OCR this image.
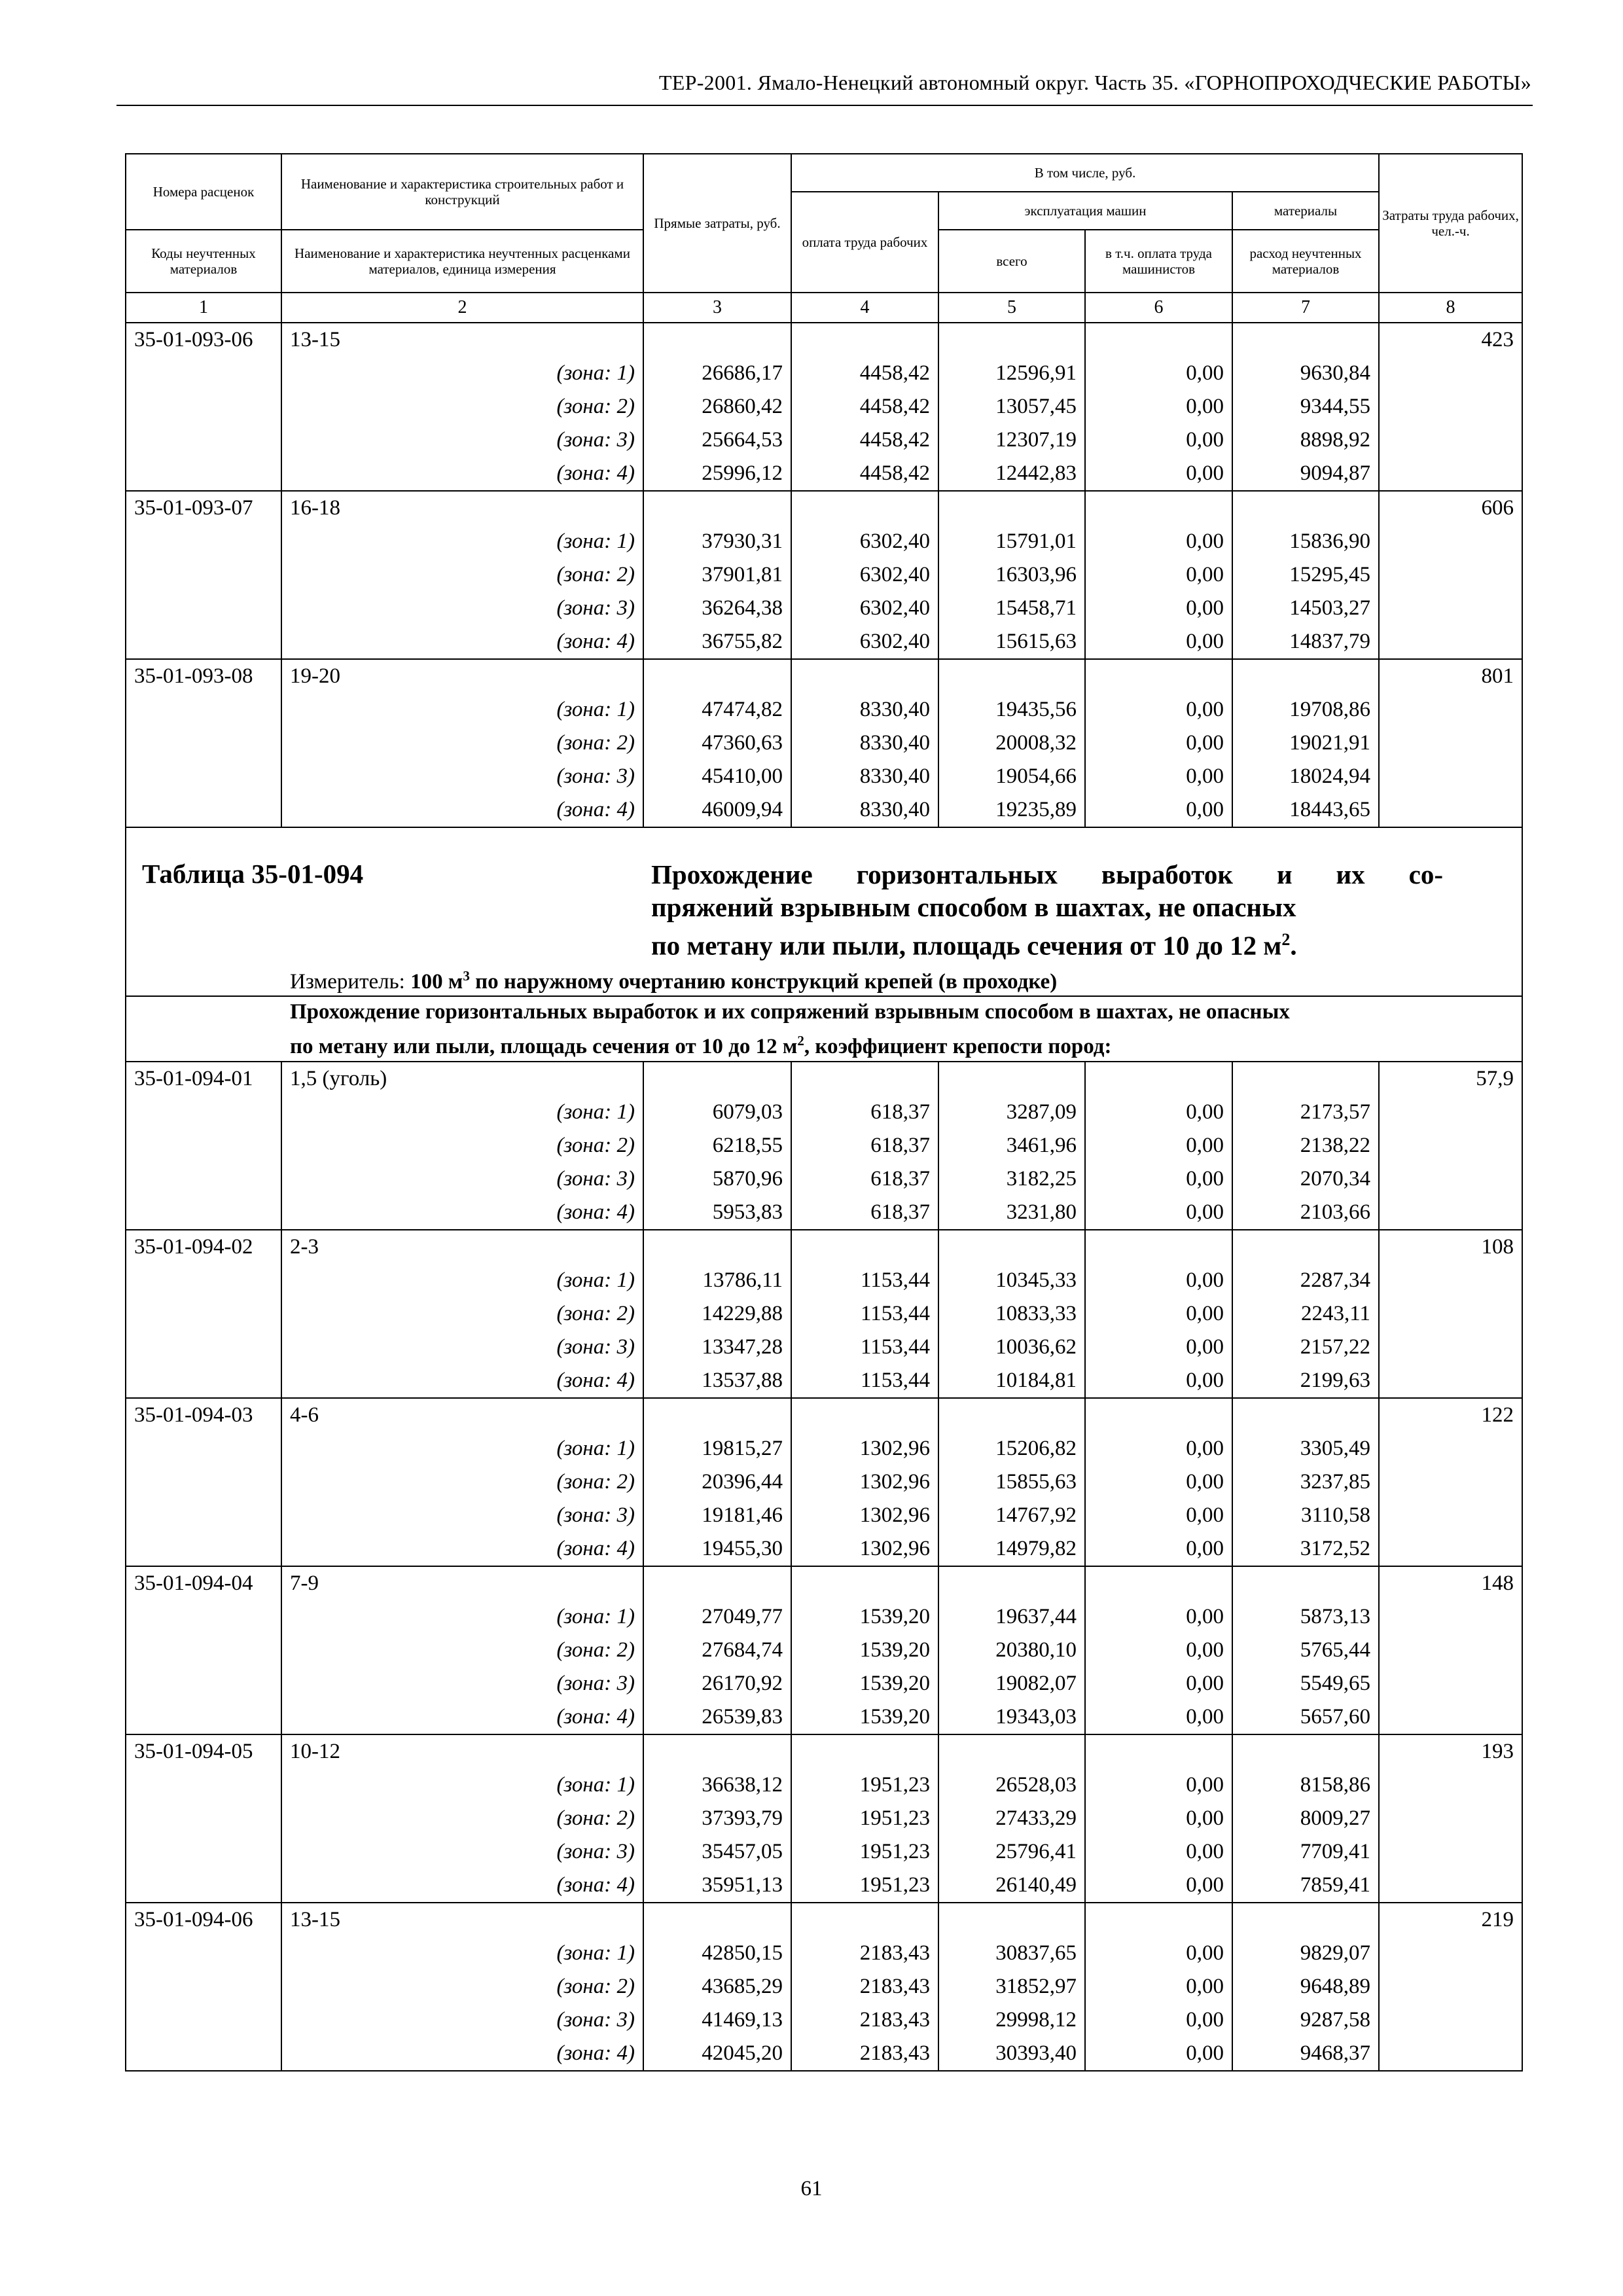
ТЕР-2001. Ямало-Ненецкий автономный округ. Часть 35. «ГОРНОПРОХОДЧЕСКИЕ РАБОТЫ»
Номера расценок	Наименование и характеристика строительных работ и конструкций	Прямые затраты, руб.	В том числе, руб.				Затраты труда рабочих, чел.-ч.
			оплата труда рабочих	эксплуатация машин		материалы	
Коды неучтенных материалов	Наименование и характеристика неучтенных расценками материалов, единица измерения			всего	в т.ч. оплата труда машинистов	расход неучтенных материалов	
1	2	3	4	5	6	7	8
35-01-093-06	13-15						423
	(зона: 1)	26686,17	4458,42	12596,91	0,00	9630,84	
	(зона: 2)	26860,42	4458,42	13057,45	0,00	9344,55	
	(зона: 3)	25664,53	4458,42	12307,19	0,00	8898,92	
	(зона: 4)	25996,12	4458,42	12442,83	0,00	9094,87	
35-01-093-07	16-18						606
	(зона: 1)	37930,31	6302,40	15791,01	0,00	15836,90	
	(зона: 2)	37901,81	6302,40	16303,96	0,00	15295,45	
	(зона: 3)	36264,38	6302,40	15458,71	0,00	14503,27	
	(зона: 4)	36755,82	6302,40	15615,63	0,00	14837,79	
35-01-093-08	19-20						801
	(зона: 1)	47474,82	8330,40	19435,56	0,00	19708,86	
	(зона: 2)	47360,63	8330,40	20008,32	0,00	19021,91	
	(зона: 3)	45410,00	8330,40	19054,66	0,00	18024,94	
	(зона: 4)	46009,94	8330,40	19235,89	0,00	18443,65	

Таблица 35-01-094 Прохождение горизонтальных выработок и их со-
пряжений взрывным способом в шахтах, не опасных
по метану или пыли, площадь сечения от 10 до 12 $м^2$.
Измеритель: 100 $м^3$ по наружному очертанию конструкций крепей (в проходке)							

Прохождение горизонтальных выработок и их сопряжений взрывным способом в шахтах, не опасных
по метану или пыли, площадь сечения от 10 до 12 $м^2$, коэффициент крепости пород:							

35-01-094-01	1,5 (уголь)						57,9
	(зона: 1)	6079,03	618,37	3287,09	0,00	2173,57	
	(зона: 2)	6218,55	618,37	3461,96	0,00	2138,22	
	(зона: 3)	5870,96	618,37	3182,25	0,00	2070,34	
	(зона: 4)	5953,83	618,37	3231,80	0,00	2103,66	
35-01-094-02	2-3						108
	(зона: 1)	13786,11	1153,44	10345,33	0,00	2287,34	
	(зона: 2)	14229,88	1153,44	10833,33	0,00	2243,11	
	(зона: 3)	13347,28	1153,44	10036,62	0,00	2157,22	
	(зона: 4)	13537,88	1153,44	10184,81	0,00	2199,63	
35-01-094-03	4-6						122
	(зона: 1)	19815,27	1302,96	15206,82	0,00	3305,49	
	(зона: 2)	20396,44	1302,96	15855,63	0,00	3237,85	
	(зона: 3)	19181,46	1302,96	14767,92	0,00	3110,58	
	(зона: 4)	19455,30	1302,96	14979,82	0,00	3172,52	
35-01-094-04	7-9						148
	(зона: 1)	27049,77	1539,20	19637,44	0,00	5873,13	
	(зона: 2)	27684,74	1539,20	20380,10	0,00	5765,44	
	(зона: 3)	26170,92	1539,20	19082,07	0,00	5549,65	
	(зона: 4)	26539,83	1539,20	19343,03	0,00	5657,60	
35-01-094-05	10-12						193
	(зона: 1)	36638,12	1951,23	26528,03	0,00	8158,86	
	(зона: 2)	37393,79	1951,23	27433,29	0,00	8009,27	
	(зона: 3)	35457,05	1951,23	25796,41	0,00	7709,41	
	(зона: 4)	35951,13	1951,23	26140,49	0,00	7859,41	
35-01-094-06	13-15						219
	(зона: 1)	42850,15	2183,43	30837,65	0,00	9829,07	
	(зона: 2)	43685,29	2183,43	31852,97	0,00	9648,89	
	(зона: 3)	41469,13	2183,43	29998,12	0,00	9287,58	
	(зона: 4)	42045,20	2183,43	30393,40	0,00	9468,37	
61
